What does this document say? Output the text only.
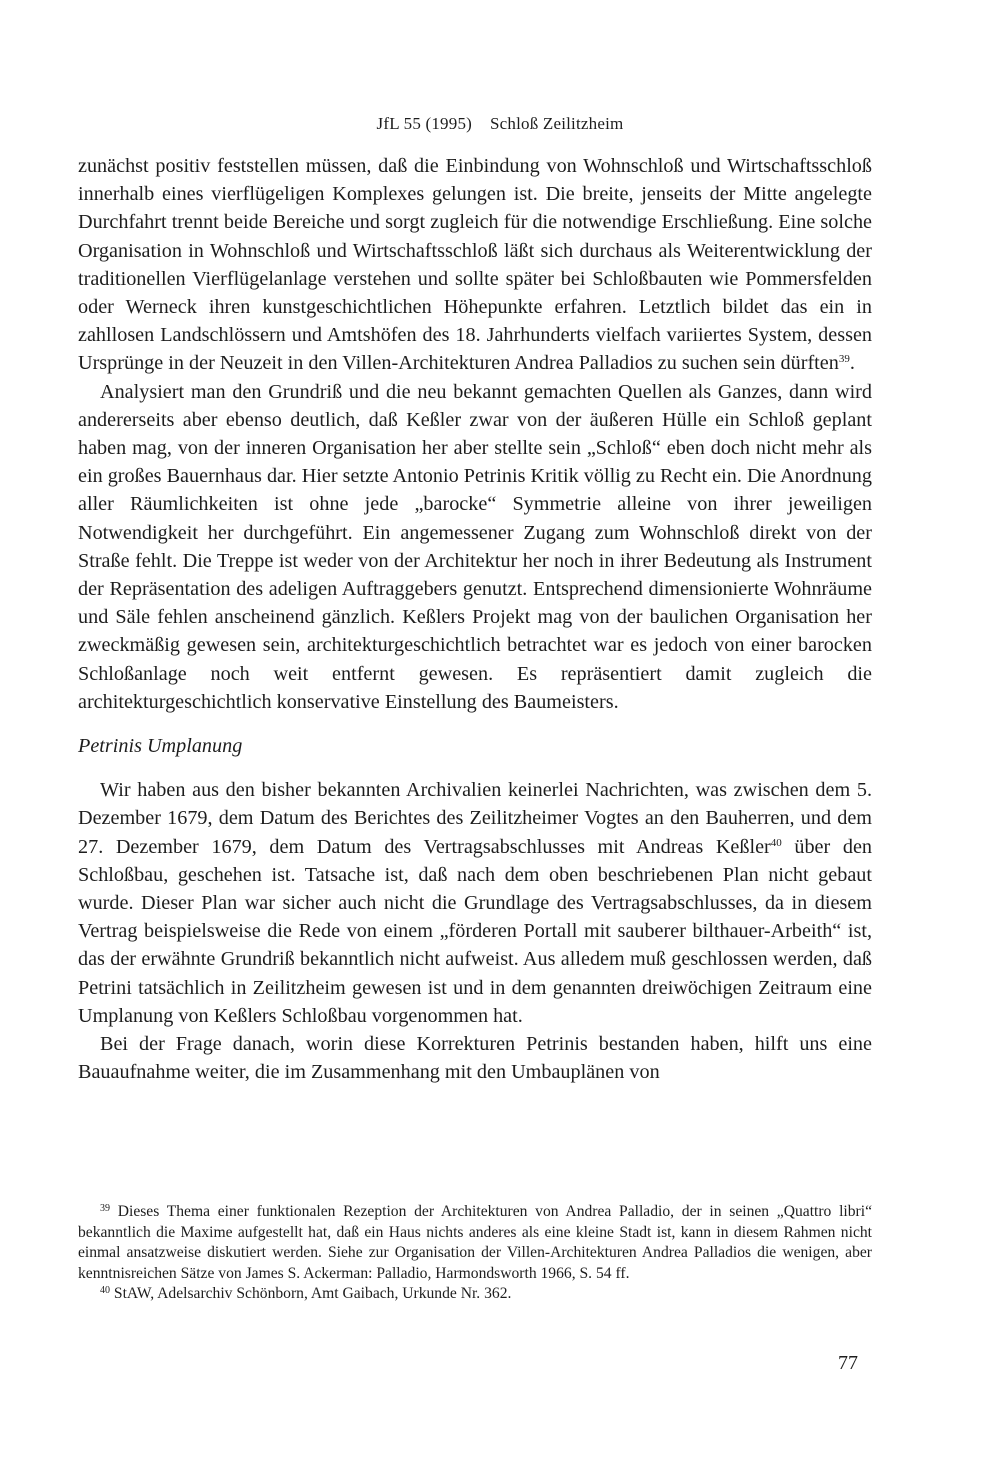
JfL 55 (1995) Schloß Zeilitzheim

zunächst positiv feststellen müssen, daß die Einbindung von Wohnschloß und Wirtschaftsschloß innerhalb eines vierflügeligen Komplexes gelungen ist. Die breite, jenseits der Mitte angelegte Durchfahrt trennt beide Bereiche und sorgt zugleich für die notwendige Erschließung. Eine solche Organisation in Wohnschloß und Wirtschaftsschloß läßt sich durchaus als Weiterentwicklung der traditionellen Vierflügelanlage verstehen und sollte später bei Schloßbauten wie Pommersfelden oder Werneck ihren kunstgeschichtlichen Höhepunkte erfahren. Letztlich bildet das ein in zahllosen Landschlössern und Amtshöfen des 18. Jahrhunderts vielfach variiertes System, dessen Ursprünge in der Neuzeit in den Villen-Architekturen Andrea Palladios zu suchen sein dürften$^{39}$.

Analysiert man den Grundriß und die neu bekannt gemachten Quellen als Ganzes, dann wird andererseits aber ebenso deutlich, daß Keßler zwar von der äußeren Hülle ein Schloß geplant haben mag, von der inneren Organisation her aber stellte sein „Schloß“ eben doch nicht mehr als ein großes Bauernhaus dar. Hier setzte Antonio Petrinis Kritik völlig zu Recht ein. Die Anordnung aller Räumlichkeiten ist ohne jede „barocke“ Symmetrie alleine von ihrer jeweiligen Notwendigkeit her durchgeführt. Ein angemessener Zugang zum Wohnschloß direkt von der Straße fehlt. Die Treppe ist weder von der Architektur her noch in ihrer Bedeutung als Instrument der Repräsentation des adeligen Auftraggebers genutzt. Entsprechend dimensionierte Wohnräume und Säle fehlen anscheinend gänzlich. Keßlers Projekt mag von der baulichen Organisation her zweckmäßig gewesen sein, architekturgeschichtlich betrachtet war es jedoch von einer barocken Schloßanlage noch weit entfernt gewesen. Es repräsentiert damit zugleich die architekturgeschichtlich konservative Einstellung des Baumeisters.

Petrinis Umplanung

Wir haben aus den bisher bekannten Archivalien keinerlei Nachrichten, was zwischen dem 5. Dezember 1679, dem Datum des Berichtes des Zeilitzheimer Vogtes an den Bauherren, und dem 27. Dezember 1679, dem Datum des Vertragsabschlusses mit Andreas Keßler$^{40}$ über den Schloßbau, geschehen ist. Tatsache ist, daß nach dem oben beschriebenen Plan nicht gebaut wurde. Dieser Plan war sicher auch nicht die Grundlage des Vertragsabschlusses, da in diesem Vertrag beispielsweise die Rede von einem „förderen Portall mit sauberer bilthauer-Arbeith“ ist, das der erwähnte Grundriß bekanntlich nicht aufweist. Aus alledem muß geschlossen werden, daß Petrini tatsächlich in Zeilitzheim gewesen ist und in dem genannten dreiwöchigen Zeitraum eine Umplanung von Keßlers Schloßbau vorgenommen hat.

Bei der Frage danach, worin diese Korrekturen Petrinis bestanden haben, hilft uns eine Bauaufnahme weiter, die im Zusammenhang mit den Umbauplänen von

$^{39}$ Dieses Thema einer funktionalen Rezeption der Architekturen von Andrea Palladio, der in seinen „Quattro libri“ bekanntlich die Maxime aufgestellt hat, daß ein Haus nichts anderes als eine kleine Stadt ist, kann in diesem Rahmen nicht einmal ansatzweise diskutiert werden. Siehe zur Organisation der Villen-Architekturen Andrea Palladios die wenigen, aber kenntnisreichen Sätze von James S. Ackerman: Palladio, Harmondsworth 1966, S. 54 ff.

$^{40}$ StAW, Adelsarchiv Schönborn, Amt Gaibach, Urkunde Nr. 362.

77
